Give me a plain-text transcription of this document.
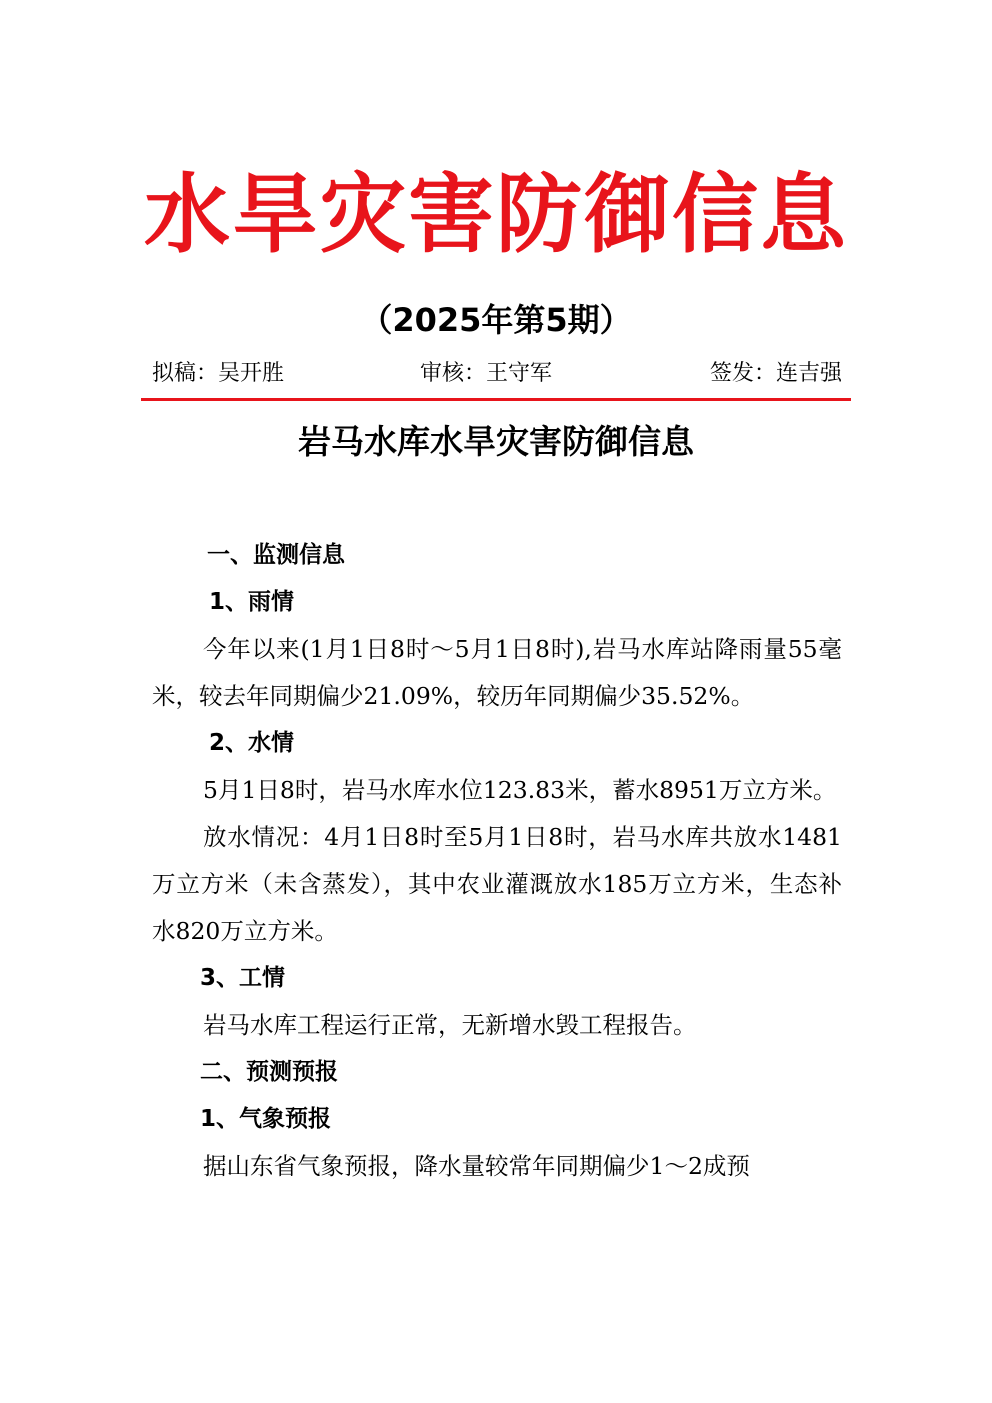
水旱灾害防御信息
（2025年第5期）
拟稿：吴开胜	审核：王守军	签发：连吉强
岩马水库水旱灾害防御信息

一、监测信息

1、雨情

今年以来(1月1日8时～5月1日8时),岩马水库站降雨量55毫米，较去年同期偏少21.09%，较历年同期偏少35.52%。

2、水情

5月1日8时，岩马水库水位123.83米，蓄水8951万立方米。

放水情况：4月1日8时至5月1日8时，岩马水库共放水1481万立方米（未含蒸发），其中农业灌溉放水185万立方米，生态补水820万立方米。

3、工情

岩马水库工程运行正常，无新增水毁工程报告。

二、预测预报

1、气象预报

据山东省气象预报，降水量较常年同期偏少1～2成预
